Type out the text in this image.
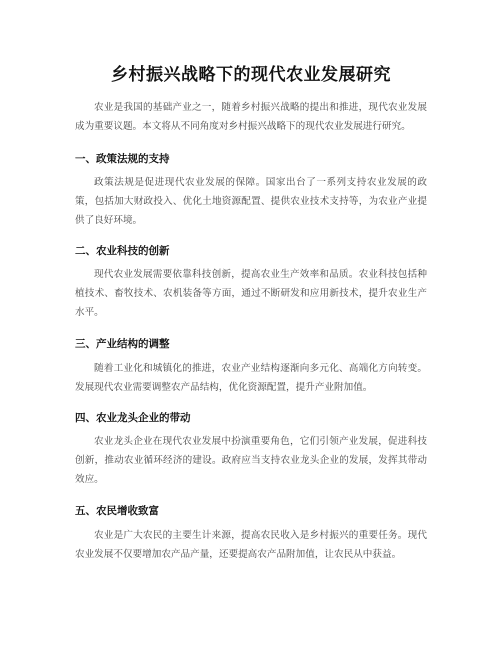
乡村振兴战略下的现代农业发展研究

农业是我国的基础产业之一，随着乡村振兴战略的提出和推进，现代农业发展成为重要议题。本文将从不同角度对乡村振兴战略下的现代农业发展进行研究。

一、政策法规的支持

政策法规是促进现代农业发展的保障。国家出台了一系列支持农业发展的政策，包括加大财政投入、优化土地资源配置、提供农业技术支持等，为农业产业提供了良好环境。

二、农业科技的创新

现代农业发展需要依靠科技创新，提高农业生产效率和品质。农业科技包括种植技术、畜牧技术、农机装备等方面，通过不断研发和应用新技术，提升农业生产水平。

三、产业结构的调整

随着工业化和城镇化的推进，农业产业结构逐渐向多元化、高端化方向转变。发展现代农业需要调整农产品结构，优化资源配置，提升产业附加值。

四、农业龙头企业的带动

农业龙头企业在现代农业发展中扮演重要角色，它们引领产业发展，促进科技创新，推动农业循环经济的建设。政府应当支持农业龙头企业的发展，发挥其带动效应。

五、农民增收致富

农业是广大农民的主要生计来源，提高农民收入是乡村振兴的重要任务。现代农业发展不仅要增加农产品产量，还要提高农产品附加值，让农民从中获益。
